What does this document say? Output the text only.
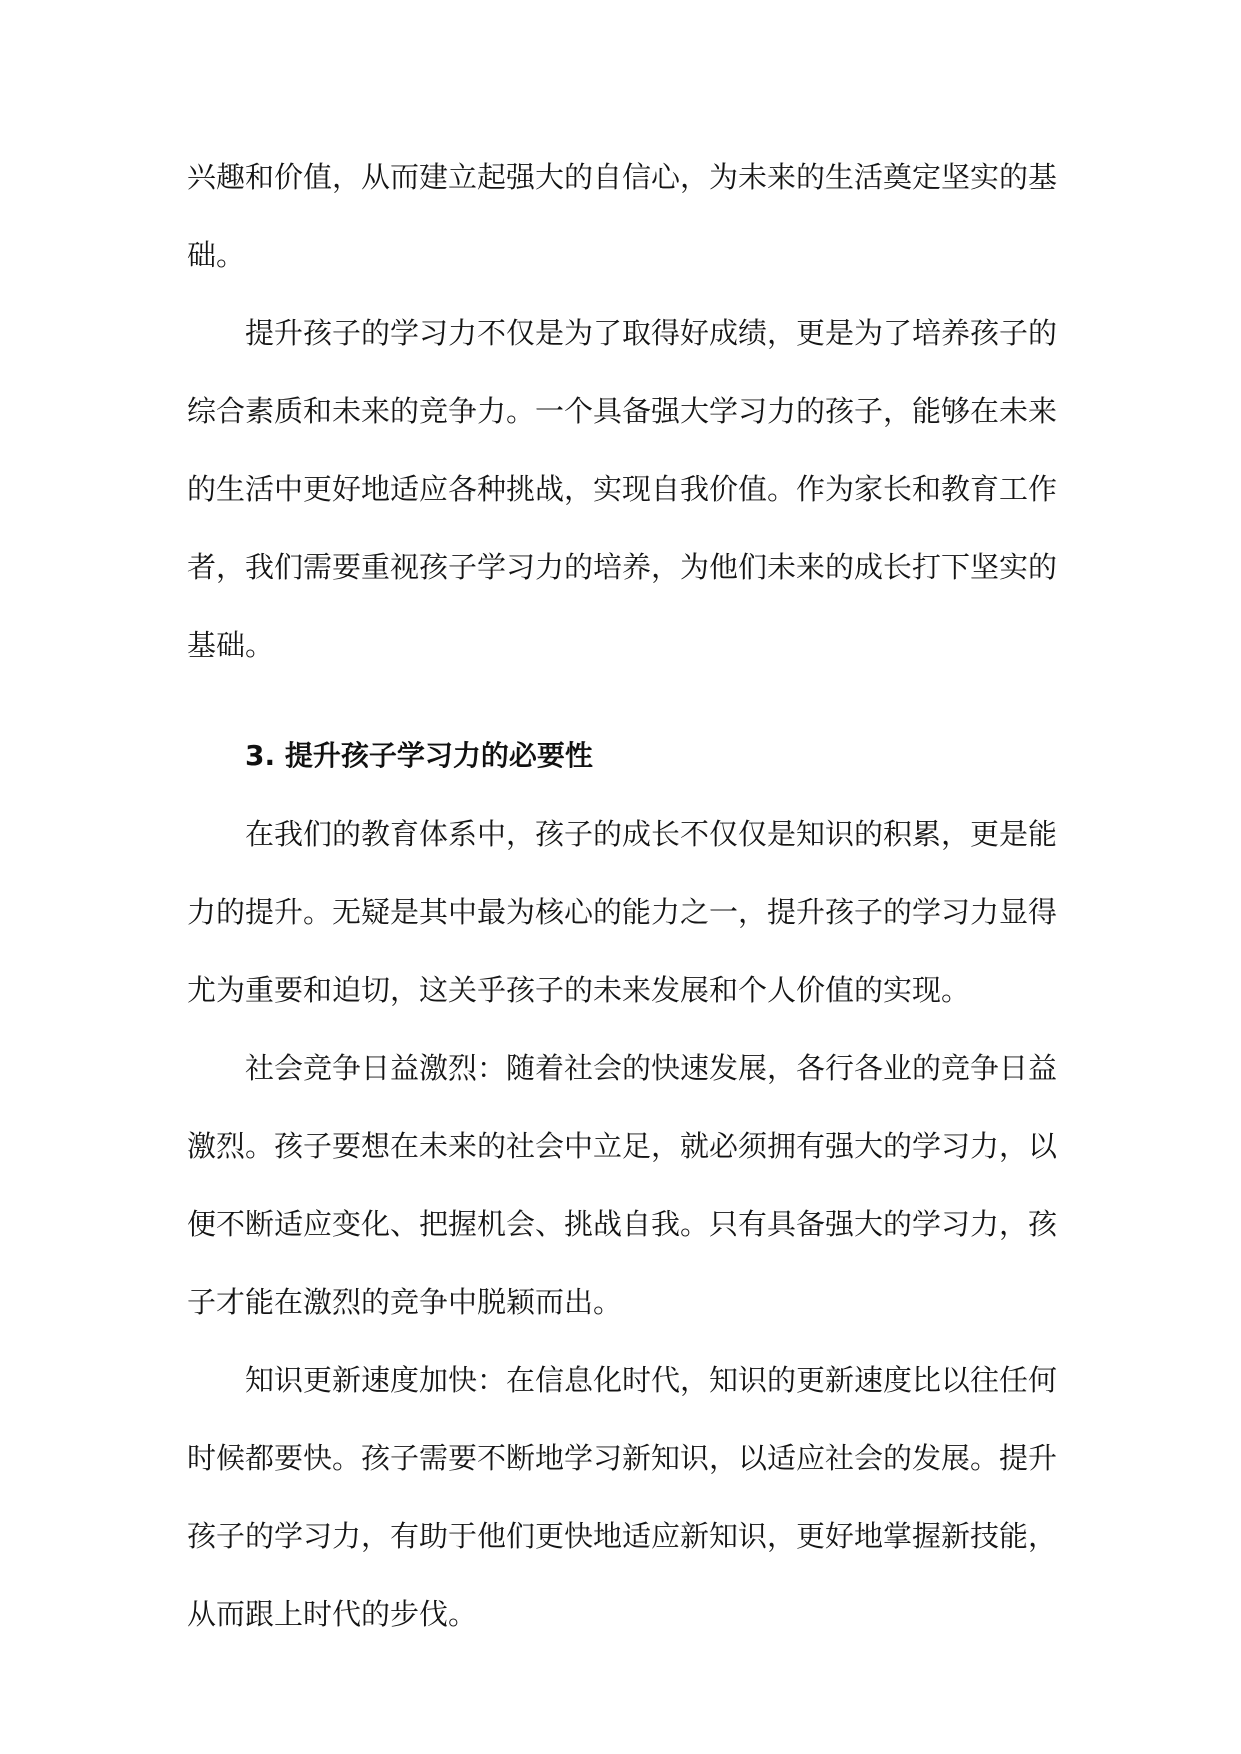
兴趣和价值，从而建立起强大的自信心，为未来的生活奠定坚实的基
础。
提升孩子的学习力不仅是为了取得好成绩，更是为了培养孩子的
综合素质和未来的竞争力。一个具备强大学习力的孩子，能够在未来
的生活中更好地适应各种挑战，实现自我价值。作为家长和教育工作
者，我们需要重视孩子学习力的培养，为他们未来的成长打下坚实的
基础。
3. 提升孩子学习力的必要性
在我们的教育体系中，孩子的成长不仅仅是知识的积累，更是能
力的提升。无疑是其中最为核心的能力之一，提升孩子的学习力显得
尤为重要和迫切，这关乎孩子的未来发展和个人价值的实现。
社会竞争日益激烈：随着社会的快速发展，各行各业的竞争日益
激烈。孩子要想在未来的社会中立足，就必须拥有强大的学习力，以
便不断适应变化、把握机会、挑战自我。只有具备强大的学习力，孩
子才能在激烈的竞争中脱颖而出。
知识更新速度加快：在信息化时代，知识的更新速度比以往任何
时候都要快。孩子需要不断地学习新知识，以适应社会的发展。提升
孩子的学习力，有助于他们更快地适应新知识，更好地掌握新技能，
从而跟上时代的步伐。
